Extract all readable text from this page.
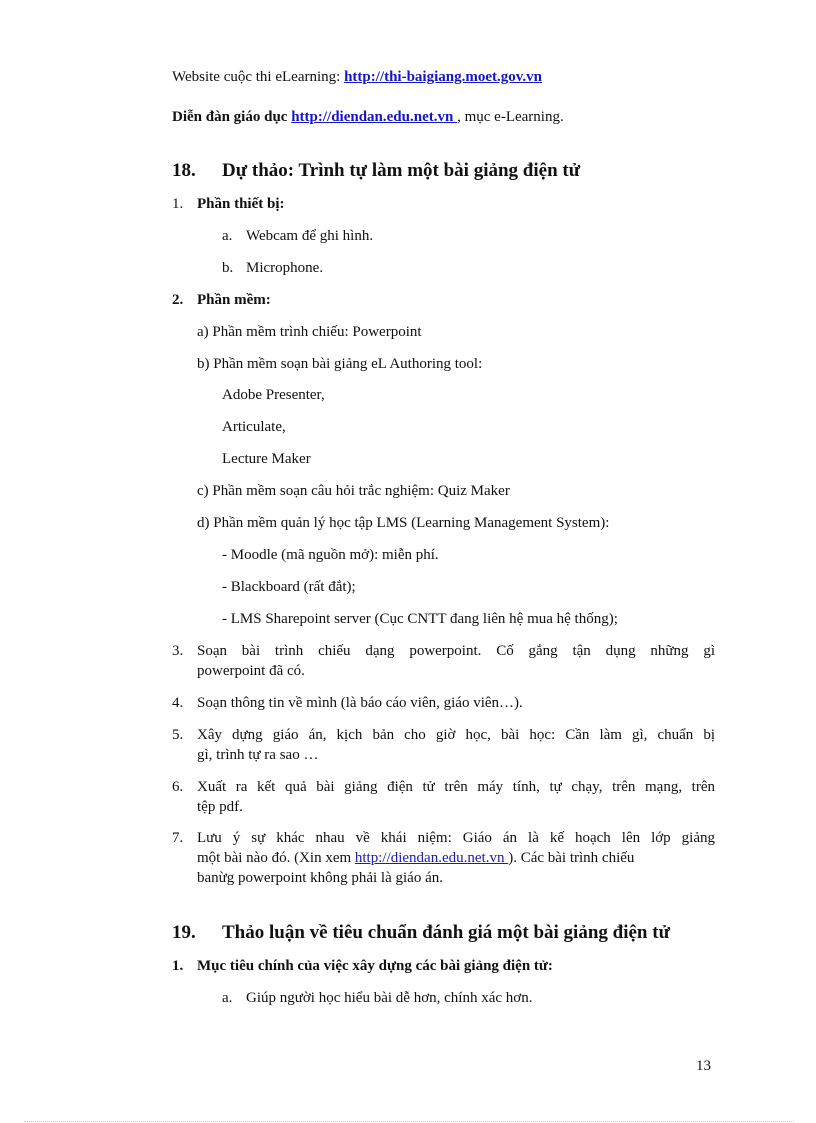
Website cuộc thi eLearning: http://thi-baigiang.moet.gov.vn
Diễn đàn giáo dục http://diendan.edu.net.vn , mục e-Learning.
18. Dự thảo: Trình tự làm một bài giảng điện tử
1. Phần thiết bị:
a. Webcam để ghi hình.
b. Microphone.
2. Phần mềm:
a) Phần mềm trình chiếu: Powerpoint
b) Phần mềm soạn bài giảng eL Authoring tool:
Adobe Presenter,
Articulate,
Lecture Maker
c) Phần mềm soạn câu hỏi trắc nghiệm: Quiz Maker
d) Phần mềm quản lý học tập LMS (Learning Management System):
- Moodle (mã nguồn mở): miễn phí.
- Blackboard (rất đắt);
- LMS Sharepoint server (Cục CNTT đang liên hệ mua hệ thống);
3. Soạn bài trình chiếu dạng powerpoint. Cố gắng tận dụng những gì
powerpoint đã có.
4. Soạn thông tin về mình (là báo cáo viên, giáo viên…).
5. Xây dựng giáo án, kịch bản cho giờ học, bài học: Cần làm gì, chuẩn bị
gì, trình tự ra sao …
6. Xuất ra kết quả bài giảng điện tử trên máy tính, tự chạy, trên mạng, trên
tệp pdf.
7. Lưu ý sự khác nhau về khái niệm: Giáo án là kế hoạch lên lớp giảng
một bài nào đó. (Xin xem http://diendan.edu.net.vn ). Các bài trình chiếu
banừg powerpoint không phải là giáo án.
19. Thảo luận về tiêu chuẩn đánh giá một bài giảng điện tử
1. Mục tiêu chính của việc xây dựng các bài giảng điện tử:
a. Giúp người học hiểu bài dễ hơn, chính xác hơn.
13
